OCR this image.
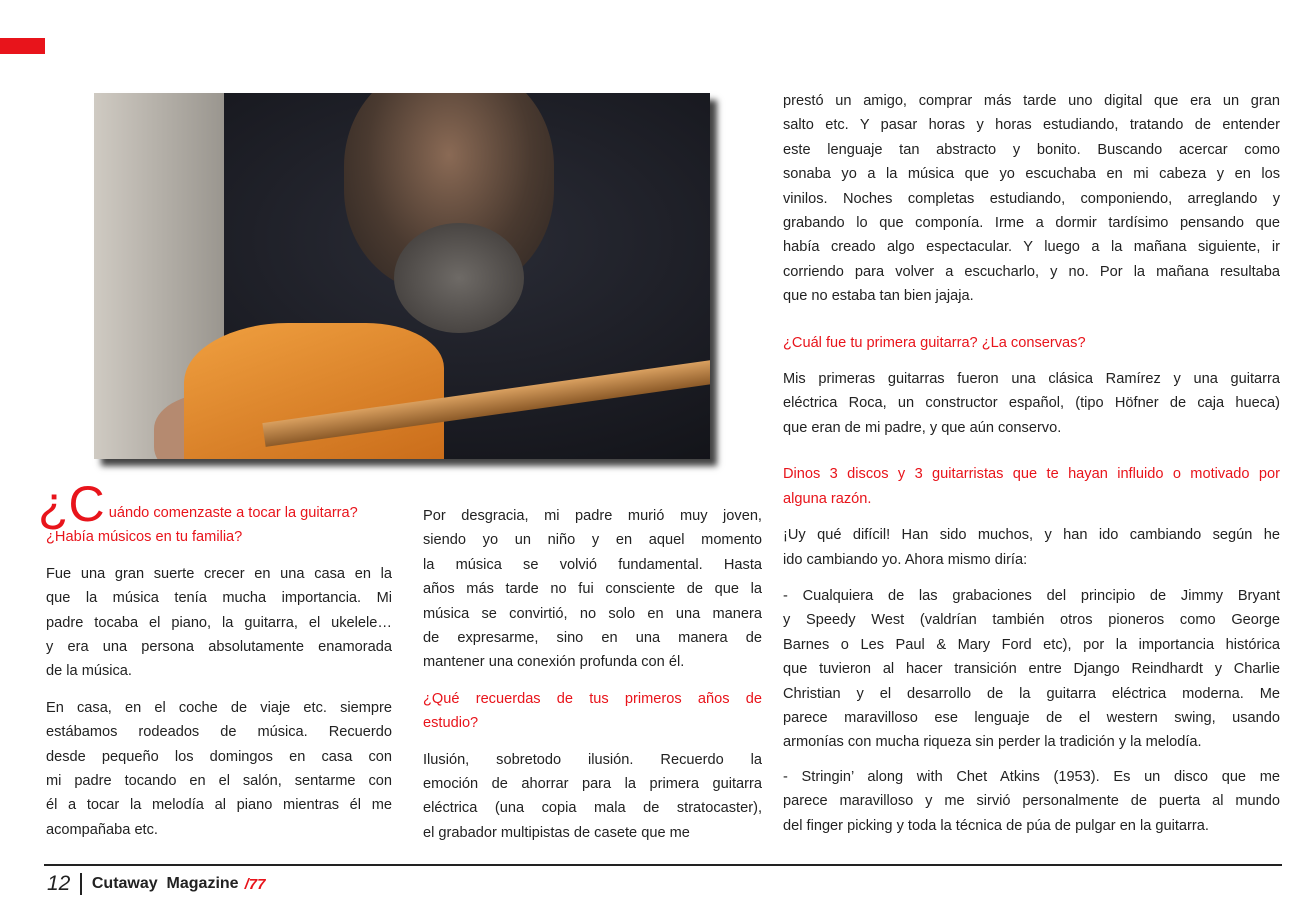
¿C uándo comenzaste a tocar la guitarra?
¿Había músicos en tu familia?
Fue una gran suerte crecer en una casa en la
que la música tenía mucha importancia. Mi
padre tocaba el piano, la guitarra, el ukelele…
y era una persona absolutamente enamorada
de la música.
En casa, en el coche de viaje etc. siempre
estábamos rodeados de música. Recuerdo
desde pequeño los domingos en casa con
mi padre tocando en el salón, sentarme con
él a tocar la melodía al piano mientras él me
acompañaba etc.
Por desgracia, mi padre murió muy joven,
siendo yo un niño y en aquel momento
la música se volvió fundamental. Hasta
años más tarde no fui consciente de que la
música se convirtió, no solo en una manera
de expresarme, sino en una manera de
mantener una conexión profunda con él.
¿Qué recuerdas de tus primeros años de
estudio?
Ilusión, sobretodo ilusión. Recuerdo la
emoción de ahorrar para la primera guitarra
eléctrica (una copia mala de stratocaster),
el grabador multipistas de casete que me
prestó un amigo, comprar más tarde uno digital que era un gran
salto etc. Y pasar horas y horas estudiando, tratando de entender
este lenguaje tan abstracto y bonito. Buscando acercar como
sonaba yo a la música que yo escuchaba en mi cabeza y en los
vinilos. Noches completas estudiando, componiendo, arreglando y
grabando lo que componía. Irme a dormir tardísimo pensando que
había creado algo espectacular. Y luego a la mañana siguiente, ir
corriendo para volver a escucharlo, y no. Por la mañana resultaba
que no estaba tan bien jajaja.
¿Cuál fue tu primera guitarra? ¿La conservas?
Mis primeras guitarras fueron una clásica Ramírez y una guitarra
eléctrica Roca, un constructor español, (tipo Höfner de caja hueca)
que eran de mi padre, y que aún conservo.
Dinos 3 discos y 3 guitarristas que te hayan influido o motivado por
alguna razón.
¡Uy qué difícil! Han sido muchos, y han ido cambiando según he
ido cambiando yo. Ahora mismo diría:
- Cualquiera de las grabaciones del principio de Jimmy Bryant
y Speedy West (valdrían también otros pioneros como George
Barnes o Les Paul & Mary Ford etc), por la importancia histórica
que tuvieron al hacer transición entre Django Reindhardt y Charlie
Christian y el desarrollo de la guitarra eléctrica moderna. Me
parece maravilloso ese lenguaje de el western swing, usando
armonías con mucha riqueza sin perder la tradición y la melodía.
- Stringin’ along with Chet Atkins (1953). Es un disco que me
parece maravilloso y me sirvió personalmente de puerta al mundo
del finger picking y toda la técnica de púa de pulgar en la guitarra.
12 Cutaway  Magazine /77
